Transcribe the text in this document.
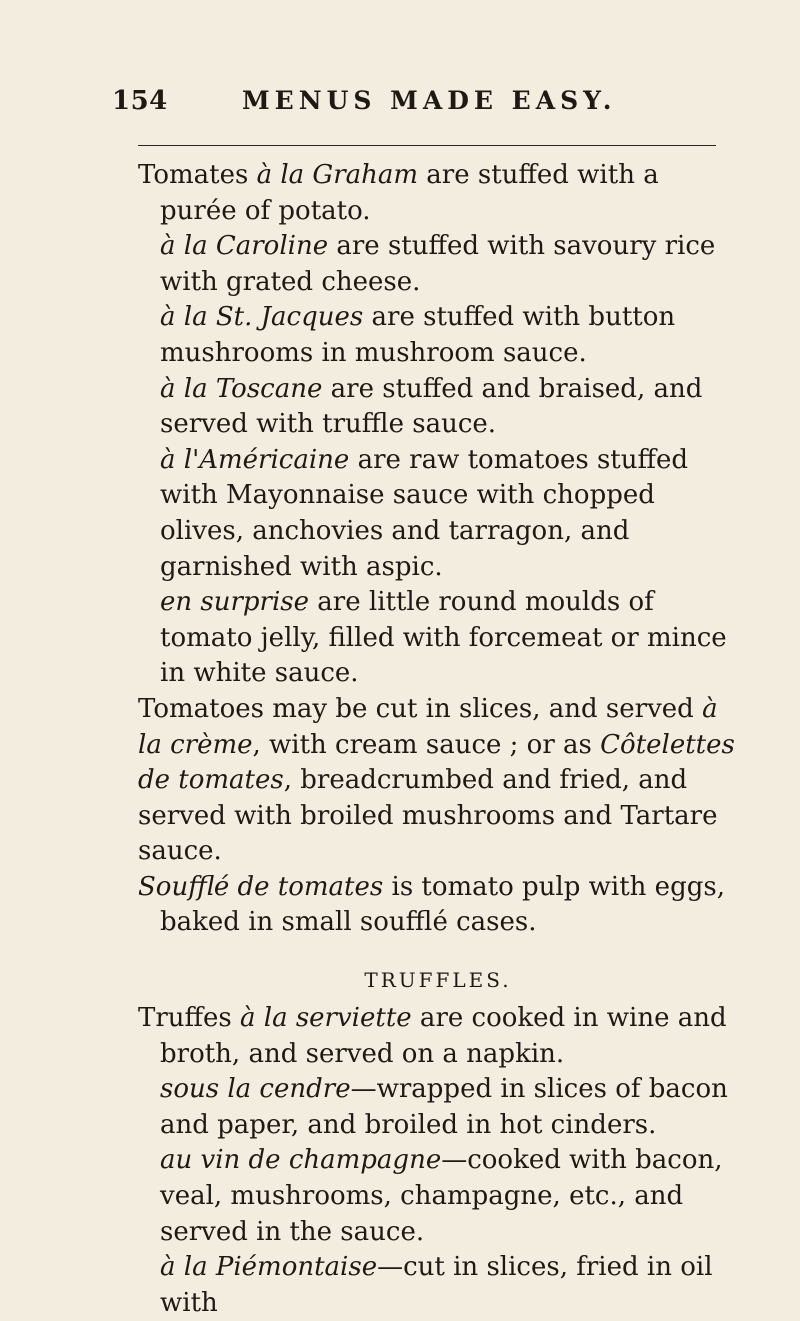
154	MENUS MADE EASY.

Tomates à la Graham are stuffed with a purée of potato.

à la Caroline are stuffed with savoury rice with grated cheese.

à la St. Jacques are stuffed with button mushrooms in mushroom sauce.

à la Toscane are stuffed and braised, and served with truffle sauce.

à l'Américaine are raw tomatoes stuffed with Mayonnaise sauce with chopped olives, anchovies and tarragon, and garnished with aspic.

en surprise are little round moulds of tomato jelly, filled with forcemeat or mince in white sauce.

Tomatoes may be cut in slices, and served à la crème, with cream sauce ; or as Côtelettes de tomates, breadcrumbed and fried, and served with broiled mushrooms and Tartare sauce.

Soufflé de tomates is tomato pulp with eggs, baked in small soufflé cases.

TRUFFLES.

Truffes à la serviette are cooked in wine and broth, and served on a napkin.

sous la cendre—wrapped in slices of bacon and paper, and broiled in hot cinders.

au vin de champagne—cooked with bacon, veal, mushrooms, champagne, etc., and served in the sauce.

à la Piémontaise—cut in slices, fried in oil with
